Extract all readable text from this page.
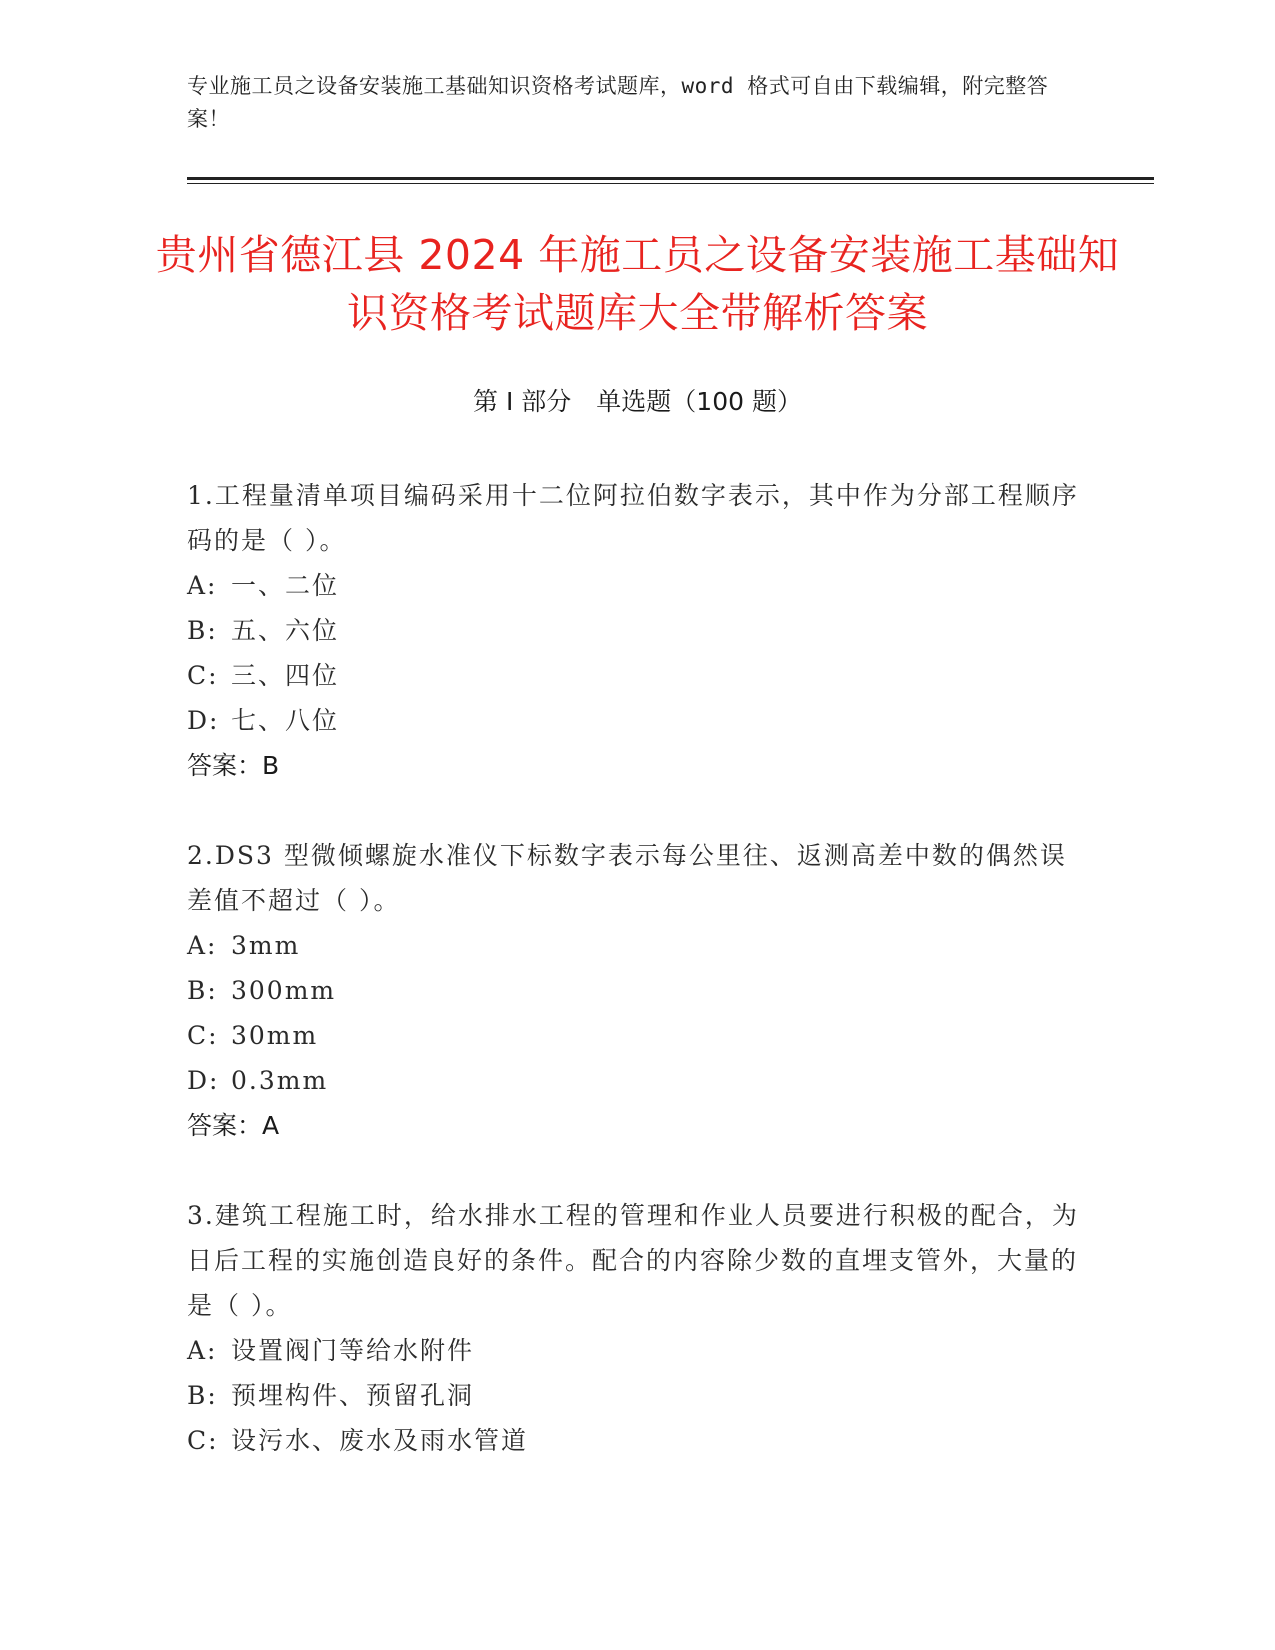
专业施工员之设备安装施工基础知识资格考试题库，word 格式可自由下载编辑，附完整答案！
贵州省德江县 2024 年施工员之设备安装施工基础知识资格考试题库大全带解析答案
第 I 部分　单选题（100 题）
1.工程量清单项目编码采用十二位阿拉伯数字表示，其中作为分部工程顺序码的是（ ）。
A: 一、二位
B: 五、六位
C: 三、四位
D: 七、八位
答案：B
2.DS3 型微倾螺旋水准仪下标数字表示每公里往、返测高差中数的偶然误差值不超过（ ）。
A: 3mm
B: 300mm
C: 30mm
D: 0.3mm
答案：A
3.建筑工程施工时，给水排水工程的管理和作业人员要进行积极的配合，为日后工程的实施创造良好的条件。配合的内容除少数的直埋支管外，大量的是（ ）。
A: 设置阀门等给水附件
B: 预埋构件、预留孔洞
C: 设污水、废水及雨水管道
